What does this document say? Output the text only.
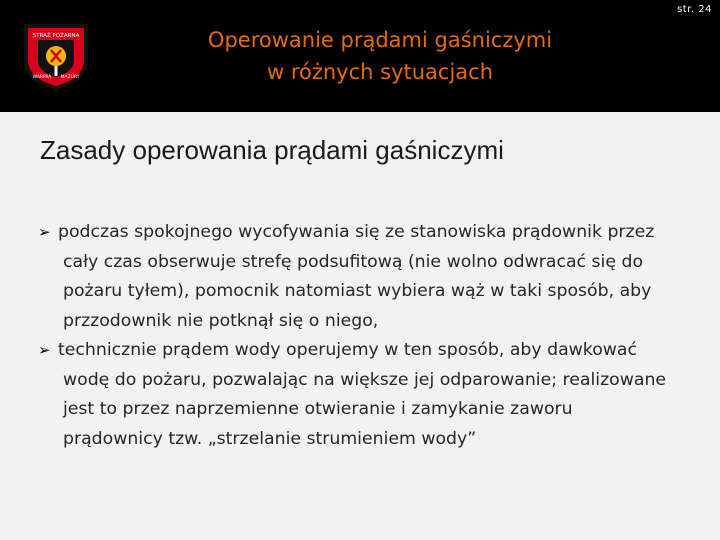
str. 24
STRAŻ POŻARNA
WARMIA MAZURY
Operowanie prądami gaśniczymi
w różnych sytuacjach
Zasady operowania prądami gaśniczymi
➢ podczas spokojnego wycofywania się ze stanowiska prądownik przez cały czas obserwuje strefę podsufitową (nie wolno odwracać się do pożaru tyłem), pomocnik natomiast wybiera wąż w taki sposób, aby przzodownik nie potknął się o niego,
➢ technicznie prądem wody operujemy w ten sposób, aby dawkować wodę do pożaru, pozwalając na większe jej odparowanie; realizowane jest to przez naprzemienne otwieranie i zamykanie zaworu prądownicy tzw. „strzelanie strumieniem wody”
